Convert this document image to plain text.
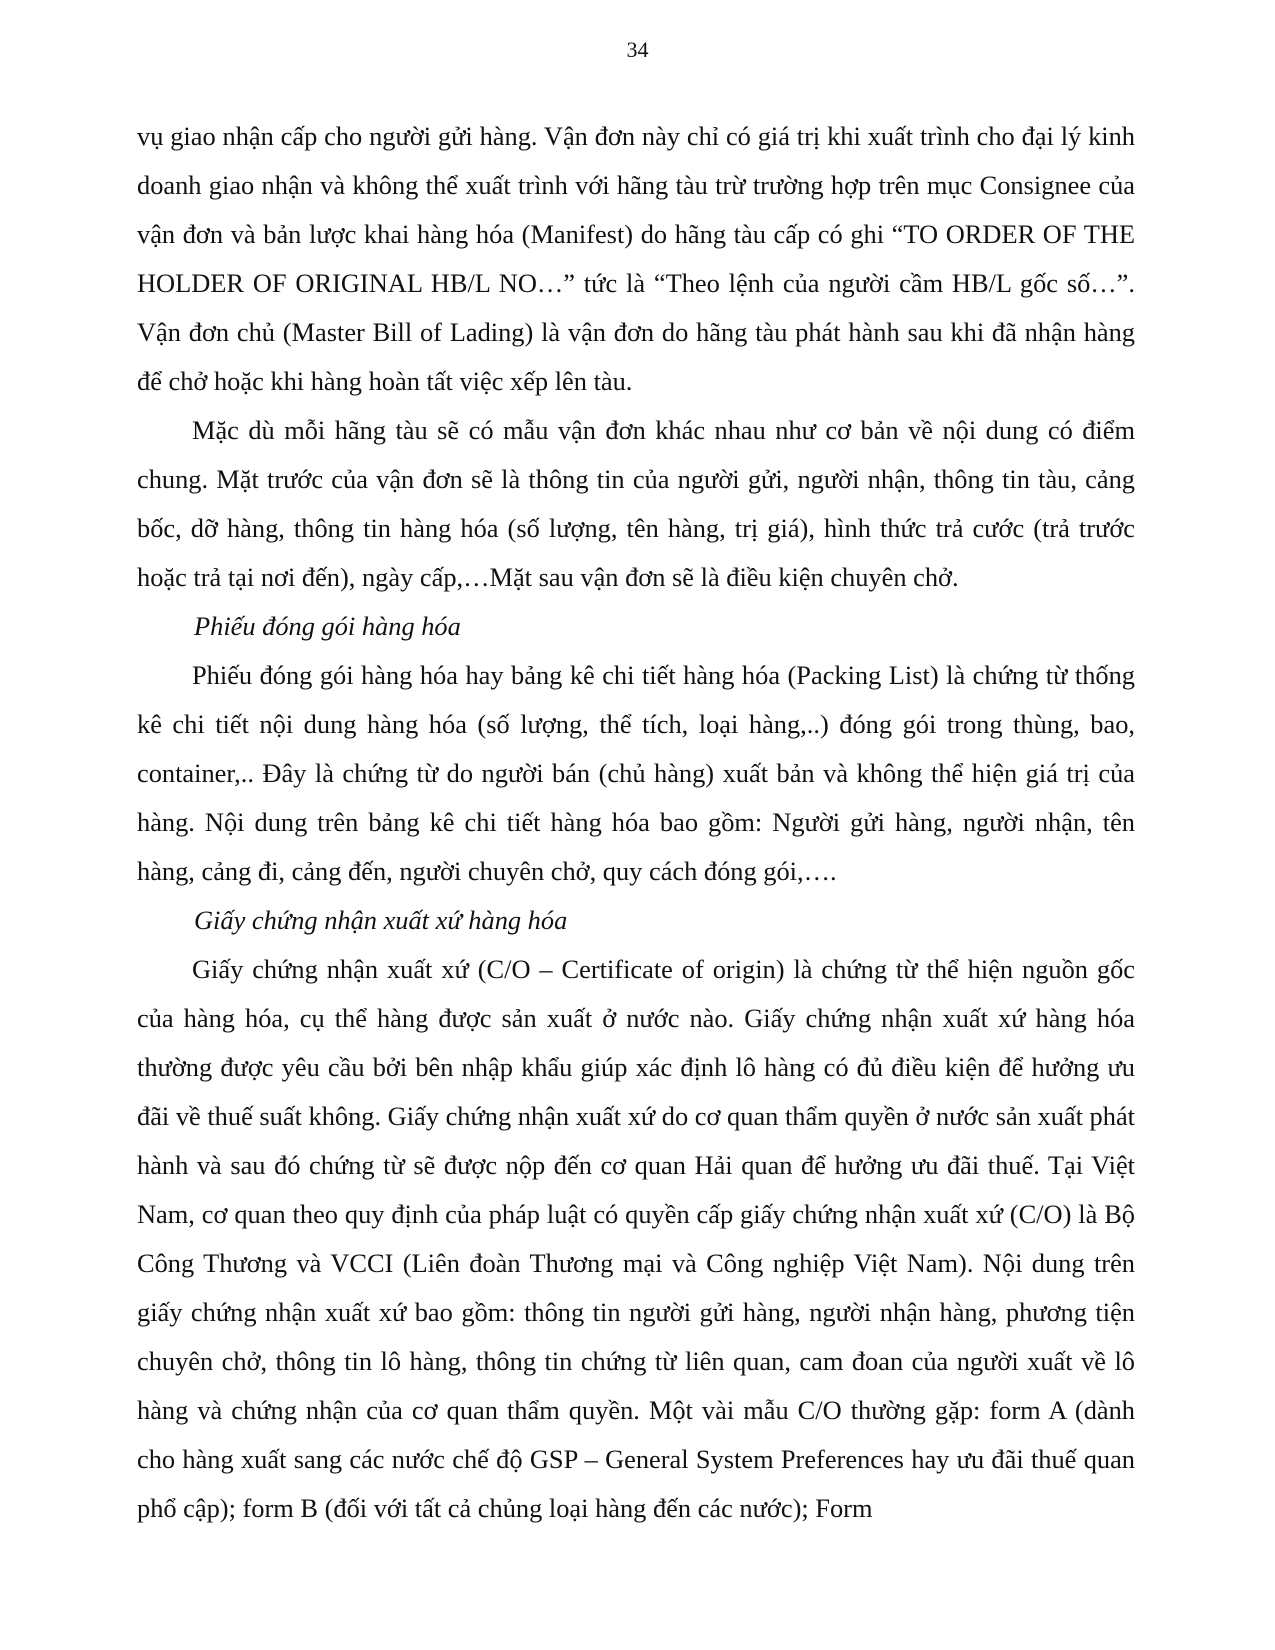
34

vụ giao nhận cấp cho người gửi hàng. Vận đơn này chỉ có giá trị khi xuất trình cho đại lý kinh doanh giao nhận và không thể xuất trình với hãng tàu trừ trường hợp trên mục Consignee của vận đơn và bản lược khai hàng hóa (Manifest) do hãng tàu cấp có ghi “TO ORDER OF THE HOLDER OF ORIGINAL HB/L NO…” tức là “Theo lệnh của người cầm HB/L gốc số…”. Vận đơn chủ (Master Bill of Lading) là vận đơn do hãng tàu phát hành sau khi đã nhận hàng để chở hoặc khi hàng hoàn tất việc xếp lên tàu.

Mặc dù mỗi hãng tàu sẽ có mẫu vận đơn khác nhau như cơ bản về nội dung có điểm chung. Mặt trước của vận đơn sẽ là thông tin của người gửi, người nhận, thông tin tàu, cảng bốc, dỡ hàng, thông tin hàng hóa (số lượng, tên hàng, trị giá), hình thức trả cước (trả trước hoặc trả tại nơi đến), ngày cấp,…Mặt sau vận đơn sẽ là điều kiện chuyên chở.

Phiếu đóng gói hàng hóa

Phiếu đóng gói hàng hóa hay bảng kê chi tiết hàng hóa (Packing List) là chứng từ thống kê chi tiết nội dung hàng hóa (số lượng, thể tích, loại hàng,..) đóng gói trong thùng, bao, container,.. Đây là chứng từ do người bán (chủ hàng) xuất bản và không thể hiện giá trị của hàng. Nội dung trên bảng kê chi tiết hàng hóa bao gồm: Người gửi hàng, người nhận, tên hàng, cảng đi, cảng đến, người chuyên chở, quy cách đóng gói,….

Giấy chứng nhận xuất xứ hàng hóa

Giấy chứng nhận xuất xứ (C/O – Certificate of origin) là chứng từ thể hiện nguồn gốc của hàng hóa, cụ thể hàng được sản xuất ở nước nào. Giấy chứng nhận xuất xứ hàng hóa thường được yêu cầu bởi bên nhập khẩu giúp xác định lô hàng có đủ điều kiện để hưởng ưu đãi về thuế suất không. Giấy chứng nhận xuất xứ do cơ quan thẩm quyền ở nước sản xuất phát hành và sau đó chứng từ sẽ được nộp đến cơ quan Hải quan để hưởng ưu đãi thuế. Tại Việt Nam, cơ quan theo quy định của pháp luật có quyền cấp giấy chứng nhận xuất xứ (C/O) là Bộ Công Thương và VCCI (Liên đoàn Thương mại và Công nghiệp Việt Nam). Nội dung trên giấy chứng nhận xuất xứ bao gồm: thông tin người gửi hàng, người nhận hàng, phương tiện chuyên chở, thông tin lô hàng, thông tin chứng từ liên quan, cam đoan của người xuất về lô hàng và chứng nhận của cơ quan thẩm quyền. Một vài mẫu C/O thường gặp: form A (dành cho hàng xuất sang các nước chế độ GSP – General System Preferences hay ưu đãi thuế quan phổ cập); form B (đối với tất cả chủng loại hàng đến các nước); Form
